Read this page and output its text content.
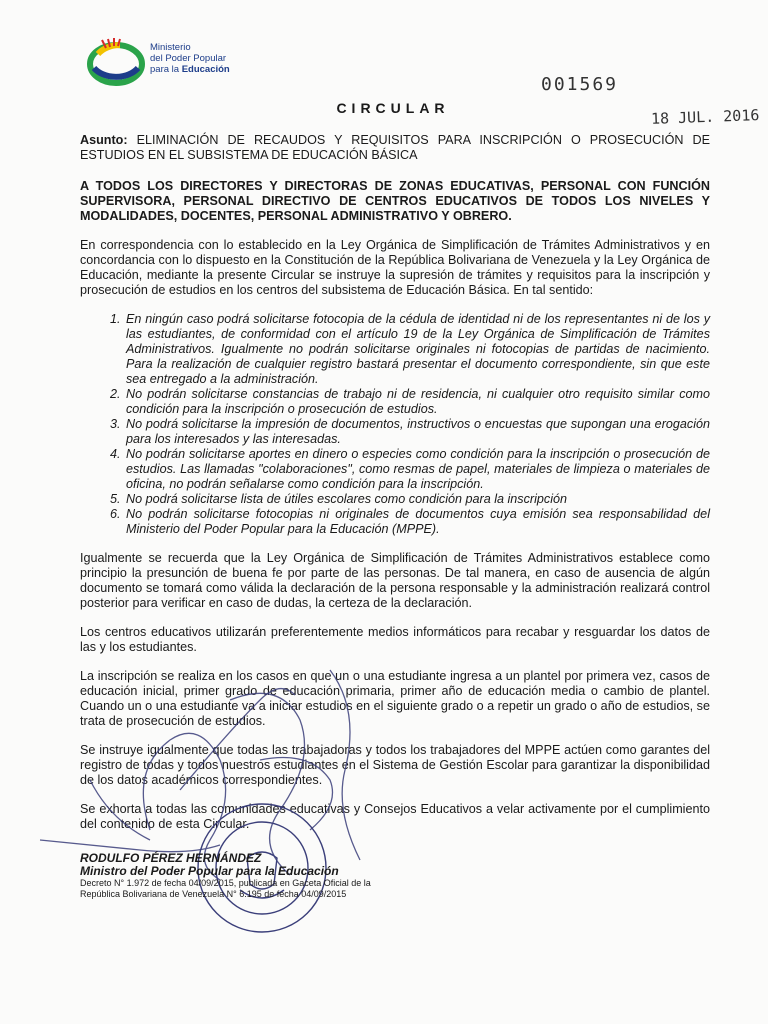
Ministerio
del Poder Popular
para la Educación
001569
18 JUL. 2016
CIRCULAR
Asunto: ELIMINACIÓN DE RECAUDOS Y REQUISITOS PARA INSCRIPCIÓN O PROSECUCIÓN DE ESTUDIOS EN EL SUBSISTEMA DE EDUCACIÓN BÁSICA
A TODOS LOS DIRECTORES Y DIRECTORAS DE ZONAS EDUCATIVAS, PERSONAL CON FUNCIÓN SUPERVISORA, PERSONAL DIRECTIVO DE CENTROS EDUCATIVOS DE TODOS LOS NIVELES Y MODALIDADES, DOCENTES, PERSONAL ADMINISTRATIVO Y OBRERO.

En correspondencia con lo establecido en la Ley Orgánica de Simplificación de Trámites Administrativos y en concordancia con lo dispuesto en la Constitución de la República Bolivariana de Venezuela y la Ley Orgánica de Educación, mediante la presente Circular se instruye la supresión de trámites y requisitos para la inscripción y prosecución de estudios en los centros del subsistema de Educación Básica. En tal sentido:

1. En ningún caso podrá solicitarse fotocopia de la cédula de identidad ni de los representantes ni de los y las estudiantes, de conformidad con el artículo 19 de la Ley Orgánica de Simplificación de Trámites Administrativos. Igualmente no podrán solicitarse originales ni fotocopias de partidas de nacimiento. Para la realización de cualquier registro bastará presentar el documento correspondiente, sin que este sea entregado a la administración.
2. No podrán solicitarse constancias de trabajo ni de residencia, ni cualquier otro requisito similar como condición para la inscripción o prosecución de estudios.
3. No podrá solicitarse la impresión de documentos, instructivos o encuestas que supongan una erogación para los interesados y las interesadas.
4. No podrán solicitarse aportes en dinero o especies como condición para la inscripción o prosecución de estudios. Las llamadas "colaboraciones", como resmas de papel, materiales de limpieza o materiales de oficina, no podrán señalarse como condición para la inscripción.
5. No podrá solicitarse lista de útiles escolares como condición para la inscripción
6. No podrán solicitarse fotocopias ni originales de documentos cuya emisión sea responsabilidad del Ministerio del Poder Popular para la Educación (MPPE).

Igualmente se recuerda que la Ley Orgánica de Simplificación de Trámites Administrativos establece como principio la presunción de buena fe por parte de las personas. De tal manera, en caso de ausencia de algún documento se tomará como válida la declaración de la persona responsable y la administración realizará control posterior para verificar en caso de dudas, la certeza de la declaración.

Los centros educativos utilizarán preferentemente medios informáticos para recabar y resguardar los datos de las y los estudiantes.

La inscripción se realiza en los casos en que un o una estudiante ingresa a un plantel por primera vez, casos de educación inicial, primer grado de educación primaria, primer año de educación media o cambio de plantel. Cuando un o una estudiante va a iniciar estudios en el siguiente grado o a repetir un grado o año de estudios, se trata de prosecución de estudios.

Se instruye igualmente que todas las trabajadoras y todos los trabajadores del MPPE actúen como garantes del registro de todas y todos nuestros estudiantes en el Sistema de Gestión Escolar para garantizar la disponibilidad de los datos académicos correspondientes.

Se exhorta a todas las comunidades educativas y Consejos Educativos a velar activamente por el cumplimiento del contenido de esta Circular.

RODULFO PÉREZ HERNÁNDEZ
Ministro del Poder Popular para la Educación
Decreto N° 1.972 de fecha 04/09/2015, publicada en Gaceta Oficial de la
República Bolivariana de Venezuela N° 6.195 de fecha 04/09/2015
